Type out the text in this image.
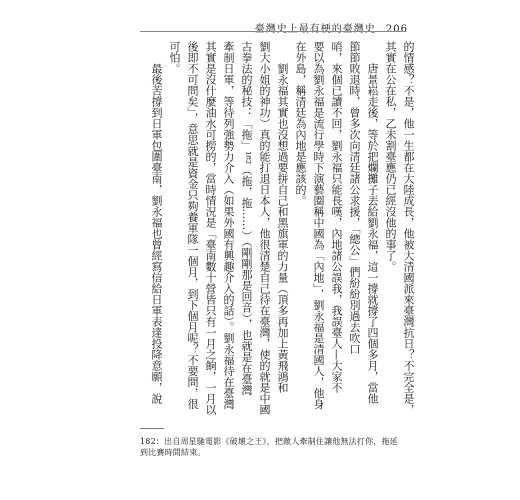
臺灣史上最有梗的臺灣史 206
的情感？不是，他一生都在大陸成長，他被大清國派來臺灣抗日？不完全是，
其實在公在私，乙未割臺應仍已經沒他的事了。
唐景崧走後，等於把爛攤子丟給劉永福，這一撐就撐了四個多月，當他
節節敗退時，曾多次向清廷諸公求援，「總公」們紛紛別過去吹口
哨，來個已讀不回，劉永福只能長嘆，內地諸公誤我，我誤臺人—大家不
要以為劉永福是流行學時下演藝圈稱中國為「內地」，劉永福是清國人，他身
在外島，稱清廷為內地是應該的。
劉永福其實也沒想過要拼自己和黑旗軍的力量（頂多再加上黃飛鴻和
劉大小姐的神功）真的能打退日本人，他很清楚自己待在臺灣，使的就是中國
古拳法的秘技：「拖」¹⁸²（拖，拖……）（剛剛那是回音），也就是在臺灣
牽制日軍，等待列強勢力介入（如果外國有興趣介入的話）。劉永福待在臺灣
其實是沒什麼油水可撈的，當時情況是「臺南數十營皆只有一月之餉，一月以
後即不可問矣」，意思就是資金只夠養軍隊一個月，到下個月呢？不要問，很
可怕。
最後苦撐到日軍包圍臺南，劉永福也曾經寫信給日軍表達投降意願，說
182：出自周星馳電影《破壞之王》，把敵人牽制住讓他無法打你，拖延到比賽時間結束。
